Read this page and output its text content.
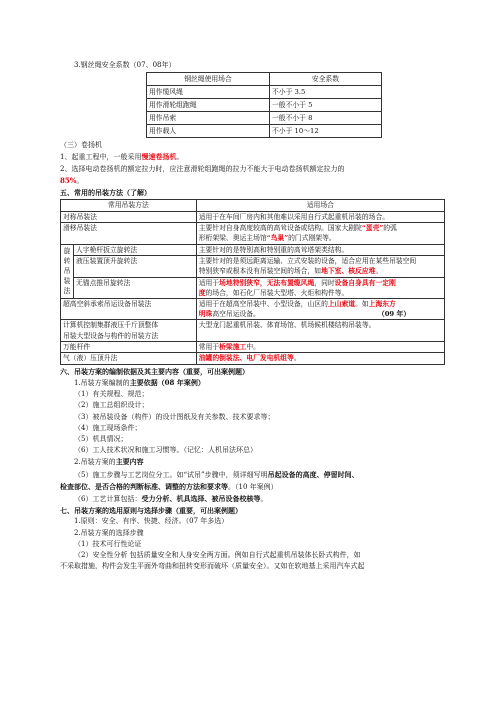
3.钢丝绳安全系数（07、08年）
钢丝绳使用场合	安全系数
用作缆风绳	不小于 3.5
用作滑轮组跑绳	一般不小于 5
用作吊索	一般不小于 8
用作载人	不小于 10～12
（三）卷扬机
1、起重工程中，一般采用慢速卷扬机。
2、选择电动卷扬机的额定拉力时，应注意滑轮组跑绳的拉力不能大于电动卷扬机额定拉力的
85%。
五、常用的吊装方法（了解）
常用吊装方法		适用场合
对称吊装法		适用于在车间厂房内和其他难以采用自行式起重机吊装的场合。
滑移吊装法		主要针对自身高度较高的高耸设备或结构。国家大剧院“蛋壳”的弧
形桁架梁、奥运主场馆“鸟巢”的门式刚架等。

旋
转
吊
装
法	人字桅杆扳立旋转法	主要针对的是特别高和特别重的高耸塔架类结构。
	液压装置顶升旋转法	主要针对的是须远距离运输、立式安装的设备，适合应用在某些吊装空间
特别狭窄或根本没有吊装空间的场合，如地下室、核反应堆。

	无锚点推吊旋转法	适用于场地特别狭窄，无法布置缆风绳，同时设备自身具有一定刚
度的场合，如石化厂吊装大型塔、火炬和构件等。

超高空斜承索吊运设备吊装法		适用于在超高空吊装中、小型设备，山区的上山索道。如上海东方
明珠高空吊运设备。 （09 年）

计算机控制集群液压千斤顶整体
吊装大型设备与构件的吊装方法		大型龙门起重机吊装、体育场馆、机场候机楼结构吊装等。
万能杆件		常用于桥梁施工中。
气（液）压顶升法		油罐的倒装法、电厂发电机组等。
六、吊装方案的编制依据及其主要内容（重要，可出案例题）
1.吊装方案编制的主要依据（08 年案例）
（1）有关规程、规范；
（2）施工总组织设计；
（3）被吊装设备（构件）的设计图纸及有关参数、技术要求等；
（4）施工现场条件；
（5）机具情况；
（6）工人技术状况和施工习惯等。（记忆：人机吊法环总）
2.吊装方案的主要内容
（5）施工步骤与工艺岗位分工。如“试吊”步骤中，须详细写明吊起设备的高度、停留时间、
检查部位、是否合格的判断标准、调整的方法和要求等。（10 年案例）
（6）工艺计算包括：受力分析、机具选择、被吊设备校核等。
七、吊装方案的选用原则与选择步骤（重要，可出案例题）
1.原则：安全、有序、快捷、经济。（07 年多选）
2.吊装方案的选择步骤
（1）技术可行性论证
（2）安全性分析 包括质量安全和人身安全两方面。例如自行式起重机吊装体长卧式构件，如
不采取措施，构件会发生平面外弯曲和扭转变形而破坏（质量安全）。又如在软地基上采用汽车式起
